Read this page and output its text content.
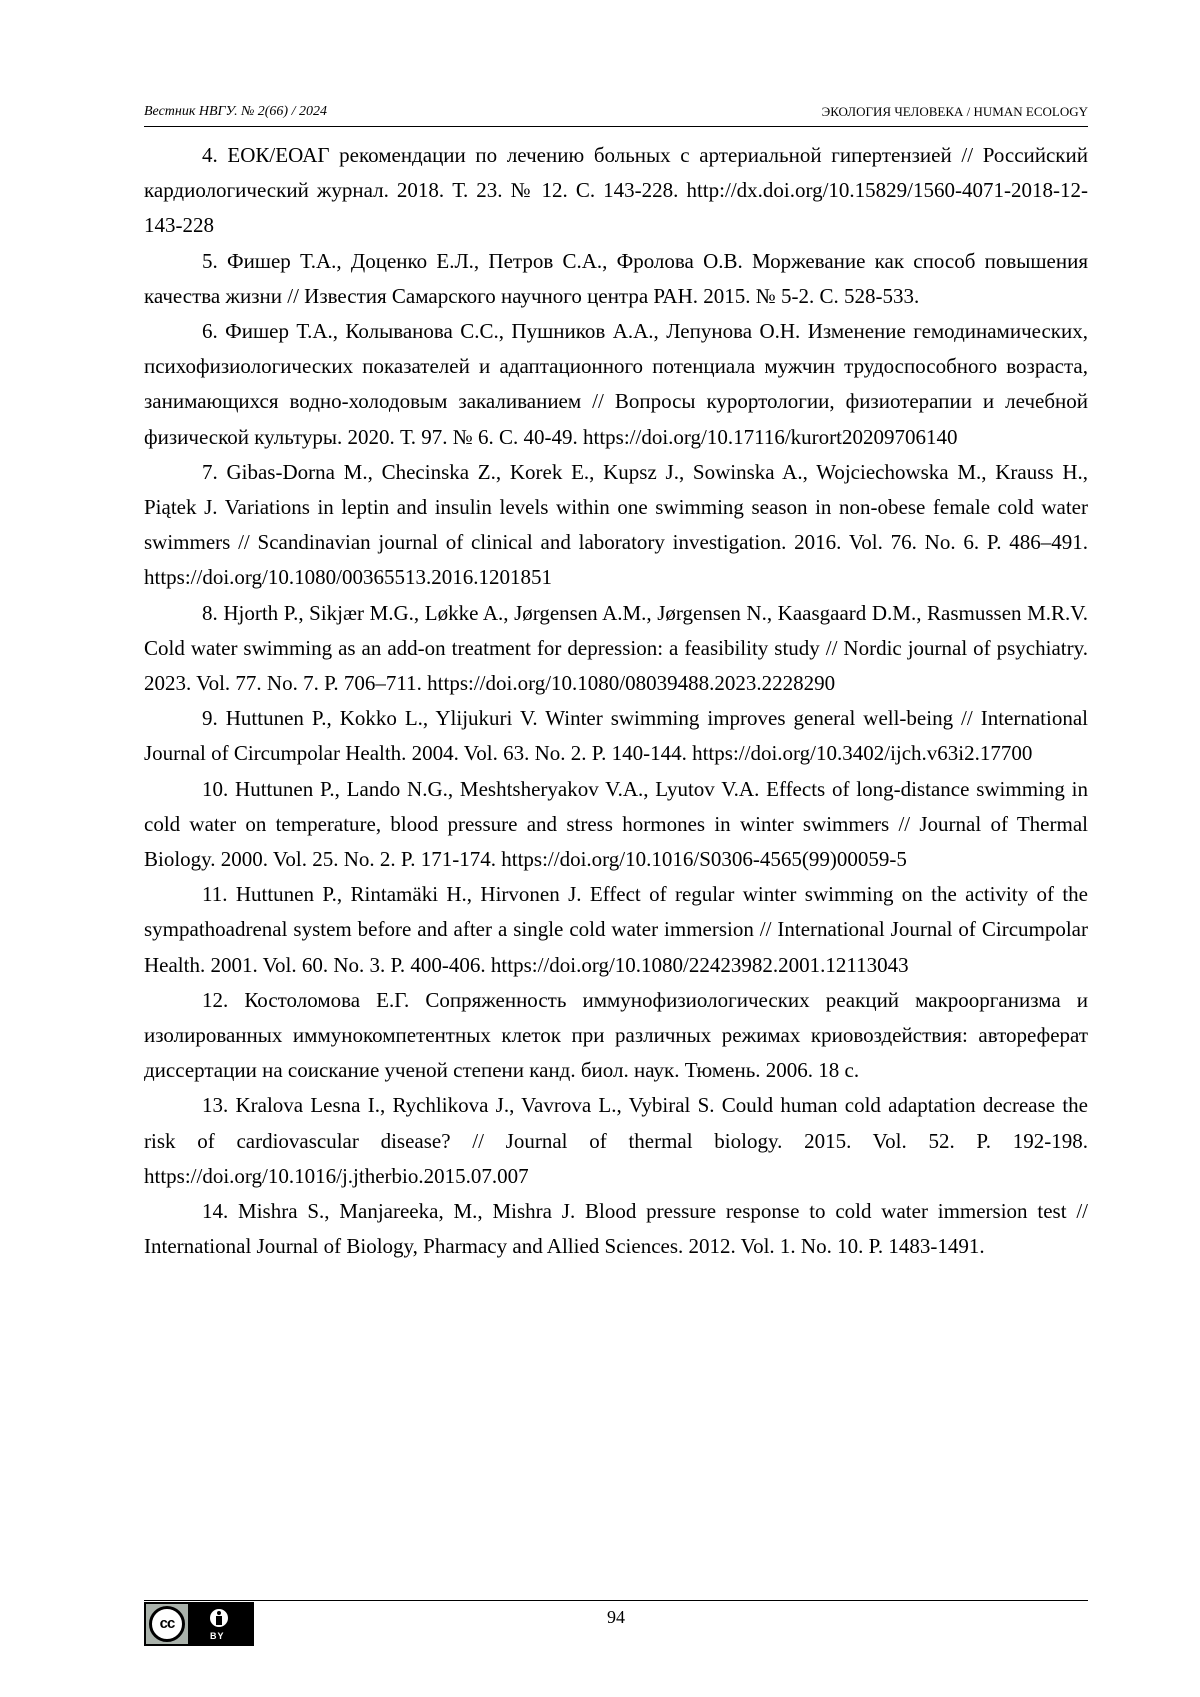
Вестник НВГУ. № 2(66) / 2024	ЭКОЛОГИЯ ЧЕЛОВЕКА / HUMAN ECOLOGY
4. ЕОК/ЕОАГ рекомендации по лечению больных с артериальной гипертензией // Российский кардиологический журнал. 2018. Т. 23. № 12. С. 143-228. http://dx.doi.org/10.15829/1560-4071-2018-12-143-228
5. Фишер Т.А., Доценко Е.Л., Петров С.А., Фролова О.В. Моржевание как способ повышения качества жизни // Известия Самарского научного центра РАН. 2015. № 5-2. С. 528-533.
6. Фишер Т.А., Колыванова С.С., Пушников А.А., Лепунова О.Н. Изменение гемодинамических, психофизиологических показателей и адаптационного потенциала мужчин трудоспособного возраста, занимающихся водно-холодовым закаливанием // Вопросы курортологии, физиотерапии и лечебной физической культуры. 2020. Т. 97. № 6. С. 40-49. https://doi.org/10.17116/kurort20209706140
7. Gibas-Dorna M., Checinska Z., Korek E., Kupsz J., Sowinska A., Wojciechowska M., Krauss H., Piątek J. Variations in leptin and insulin levels within one swimming season in non-obese female cold water swimmers // Scandinavian journal of clinical and laboratory investigation. 2016. Vol. 76. No. 6. P. 486–491. https://doi.org/10.1080/00365513.2016.1201851
8. Hjorth P., Sikjær M.G., Løkke A., Jørgensen A.M., Jørgensen N., Kaasgaard D.M., Rasmussen M.R.V. Cold water swimming as an add-on treatment for depression: a feasibility study // Nordic journal of psychiatry. 2023. Vol. 77. No. 7. P. 706–711. https://doi.org/10.1080/08039488.2023.2228290
9. Huttunen P., Kokko L., Ylijukuri V. Winter swimming improves general well-being // International Journal of Circumpolar Health. 2004. Vol. 63. No. 2. P. 140-144. https://doi.org/10.3402/ijch.v63i2.17700
10. Huttunen P., Lando N.G., Meshtsheryakov V.A., Lyutov V.A. Effects of long-distance swimming in cold water on temperature, blood pressure and stress hormones in winter swimmers // Journal of Thermal Biology. 2000. Vol. 25. No. 2. P. 171-174. https://doi.org/10.1016/S0306-4565(99)00059-5
11. Huttunen P., Rintamäki H., Hirvonen J. Effect of regular winter swimming on the activity of the sympathoadrenal system before and after a single cold water immersion // International Journal of Circumpolar Health. 2001. Vol. 60. No. 3. P. 400-406. https://doi.org/10.1080/22423982.2001.12113043
12. Костоломова Е.Г. Сопряженность иммунофизиологических реакций макроорганизма и изолированных иммунокомпетентных клеток при различных режимах криовоздействия: автореферат диссертации на соискание ученой степени канд. биол. наук. Тюмень. 2006. 18 с.
13. Kralova Lesna I., Rychlikova J., Vavrova L., Vybiral S. Could human cold adaptation decrease the risk of cardiovascular disease? // Journal of thermal biology. 2015. Vol. 52. P. 192-198. https://doi.org/10.1016/j.jtherbio.2015.07.007
14. Mishra S., Manjareeka, M., Mishra J. Blood pressure response to cold water immersion test // International Journal of Biology, Pharmacy and Allied Sciences. 2012. Vol. 1. No. 10. P. 1483-1491.
cc
BY
94
